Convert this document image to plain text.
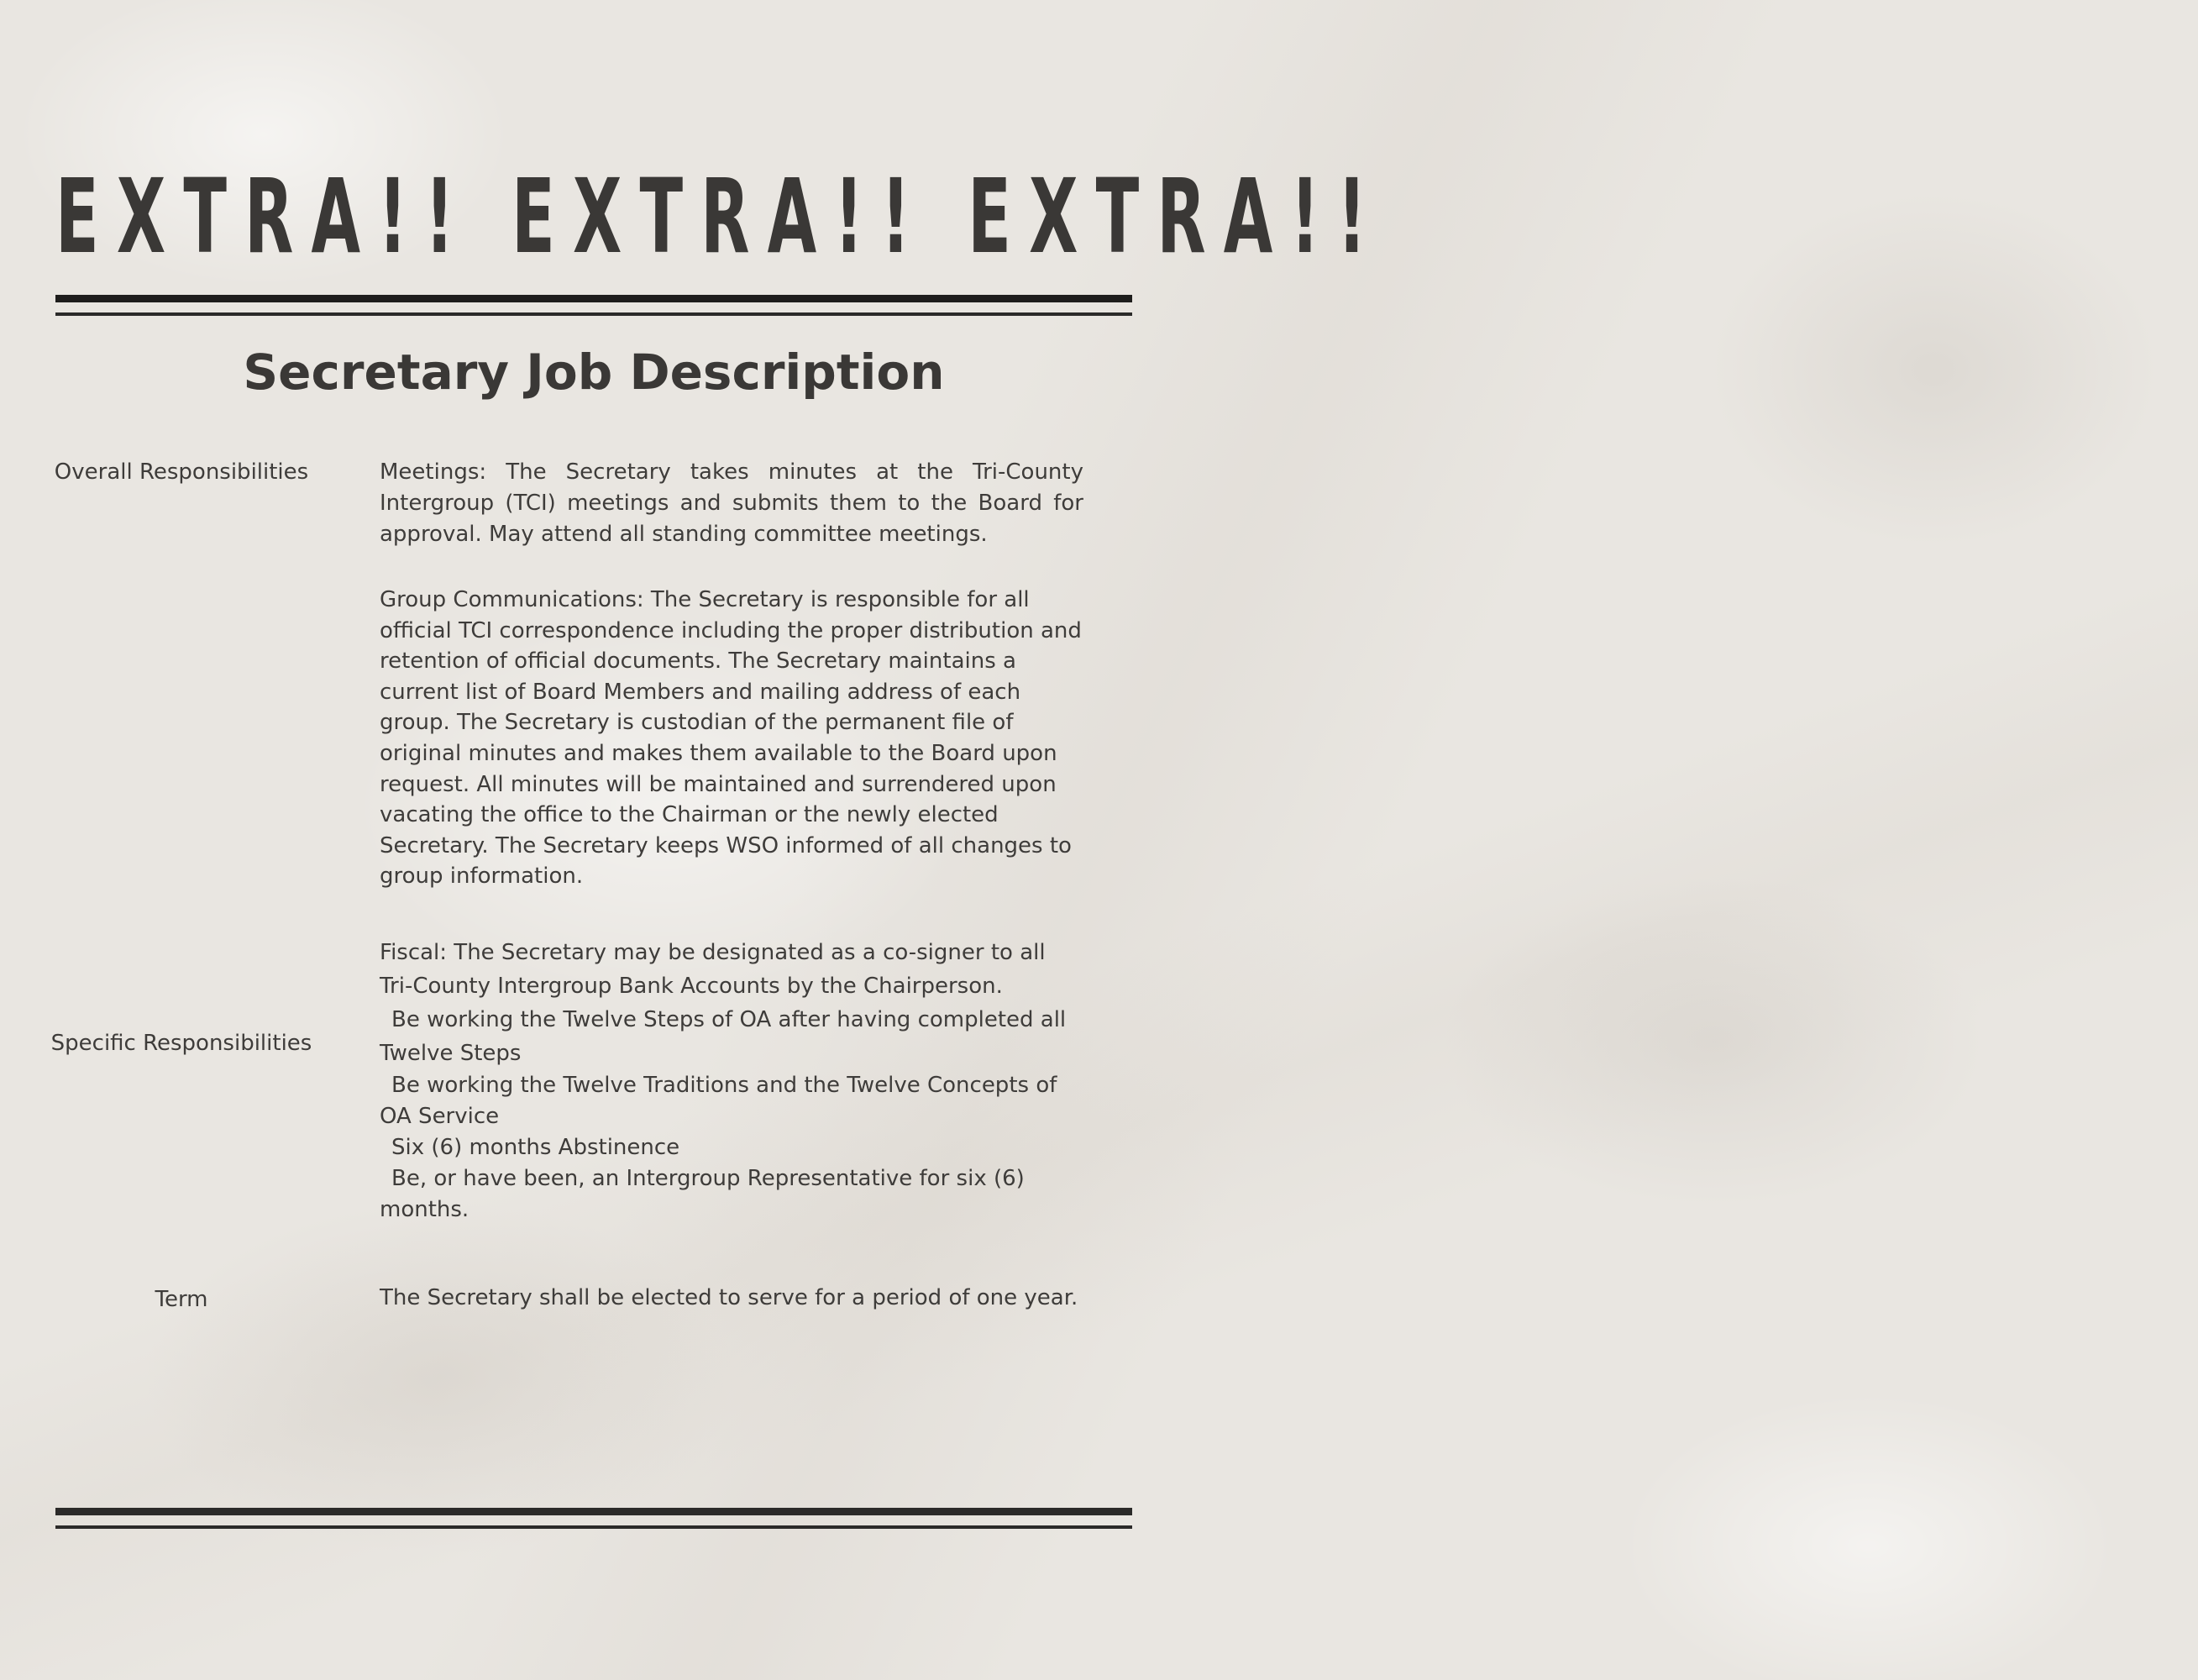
EXTRA!! EXTRA!! EXTRA!!
Secretary Job Description
Overall Responsibilities	Meetings: The Secretary takes minutes at the Tri-County Intergroup (TCI) meetings and submits them to the Board for approval. May attend all standing committee meetings.

Group Communications: The Secretary is responsible for all official TCI correspondence including the proper distribution and retention of official documents. The Secretary maintains a current list of Board Members and mailing address of each group. The Secretary is custodian of the permanent file of original minutes and makes them available to the Board upon request. All minutes will be maintained and surrendered upon vacating the office to the Chairman or the newly elected Secretary. The Secretary keeps WSO informed of all changes to group information.

Fiscal: The Secretary may be designated as a co-signer to all Tri-County Intergroup Bank Accounts by the Chairperson.

Specific Responsibilities
Be working the Twelve Steps of OA after having completed all Twelve Steps
Be working the Twelve Traditions and the Twelve Concepts of OA Service
Six (6) months Abstinence
Be, or have been, an Intergroup Representative for six (6) months.
Term	The Secretary shall be elected to serve for a period of one year.
